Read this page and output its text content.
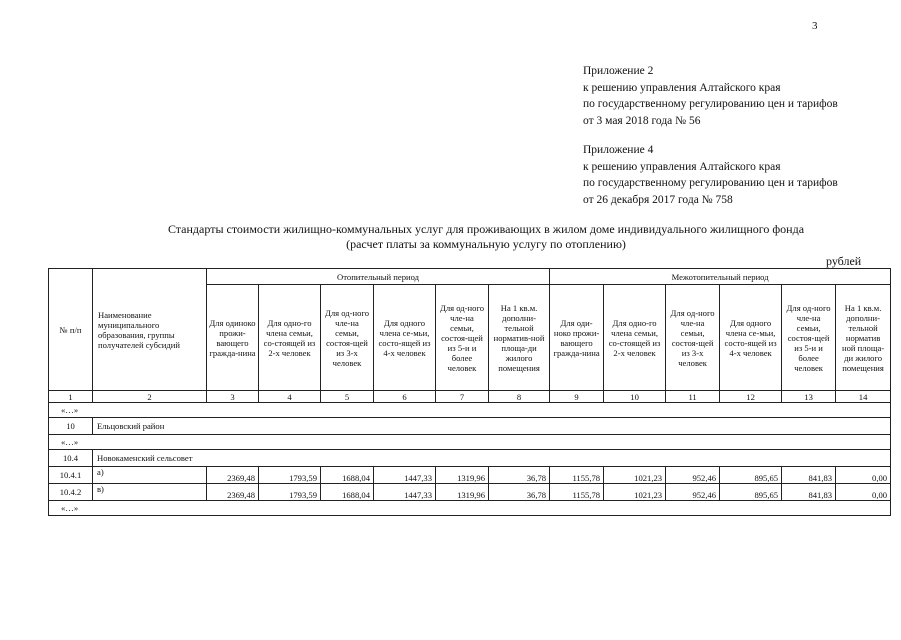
3
Приложение 2
к решению управления Алтайского края
по государственному регулированию цен и тарифов
от 3 мая 2018 года № 56
Приложение 4
к решению управления Алтайского края
по государственному регулированию цен и тарифов
от 26 декабря 2017 года № 758
Стандарты стоимости жилищно-коммунальных услуг для проживающих в жилом доме индивидуального жилищного фонда
(расчет платы за коммунальную услугу по отоплению)
рублей
№ п/п	Наименование муниципального образования, группы получателей субсидий	Отопительный период						Межотопительный период					
		Для одиноко прожи-вающего гражда-нина	Для одно-го члена семьи, со-стоящей из 2-х человек	Для од-ного чле-на семьи, состоя-щей из 3-х человек	Для одного члена се-мьи, состо-ящей из 4-х человек	Для од-ного чле-на семьи, состоя-щей из 5-и и более человек	На 1 кв.м. дополни-тельной норматив-ной площа-ди жилого помещения	Для оди-ноко прожи-вающего гражда-нина	Для одно-го члена семьи, со-стоящей из 2-х человек	Для од-ного чле-на семьи, состоя-щей из 3-х человек	Для одного члена се-мьи, состо-ящей из 4-х человек	Для од-ного чле-на семьи, состоя-щей из 5-и и более человек	На 1 кв.м. дополни-тельной норматив ной площа-ди жилого помещения
1	2	3	4	5	6	7	8	9	10	11	12	13	14
«…»													
10	Ельцовский район												
«…»													
10.4	Новокаменский сельсовет												
10.4.1	а)	2369,48	1793,59	1688,04	1447,33	1319,96	36,78	1155,78	1021,23	952,46	895,65	841,83	0,00
10.4.2	в)	2369,48	1793,59	1688,04	1447,33	1319,96	36,78	1155,78	1021,23	952,46	895,65	841,83	0,00
«…»													
